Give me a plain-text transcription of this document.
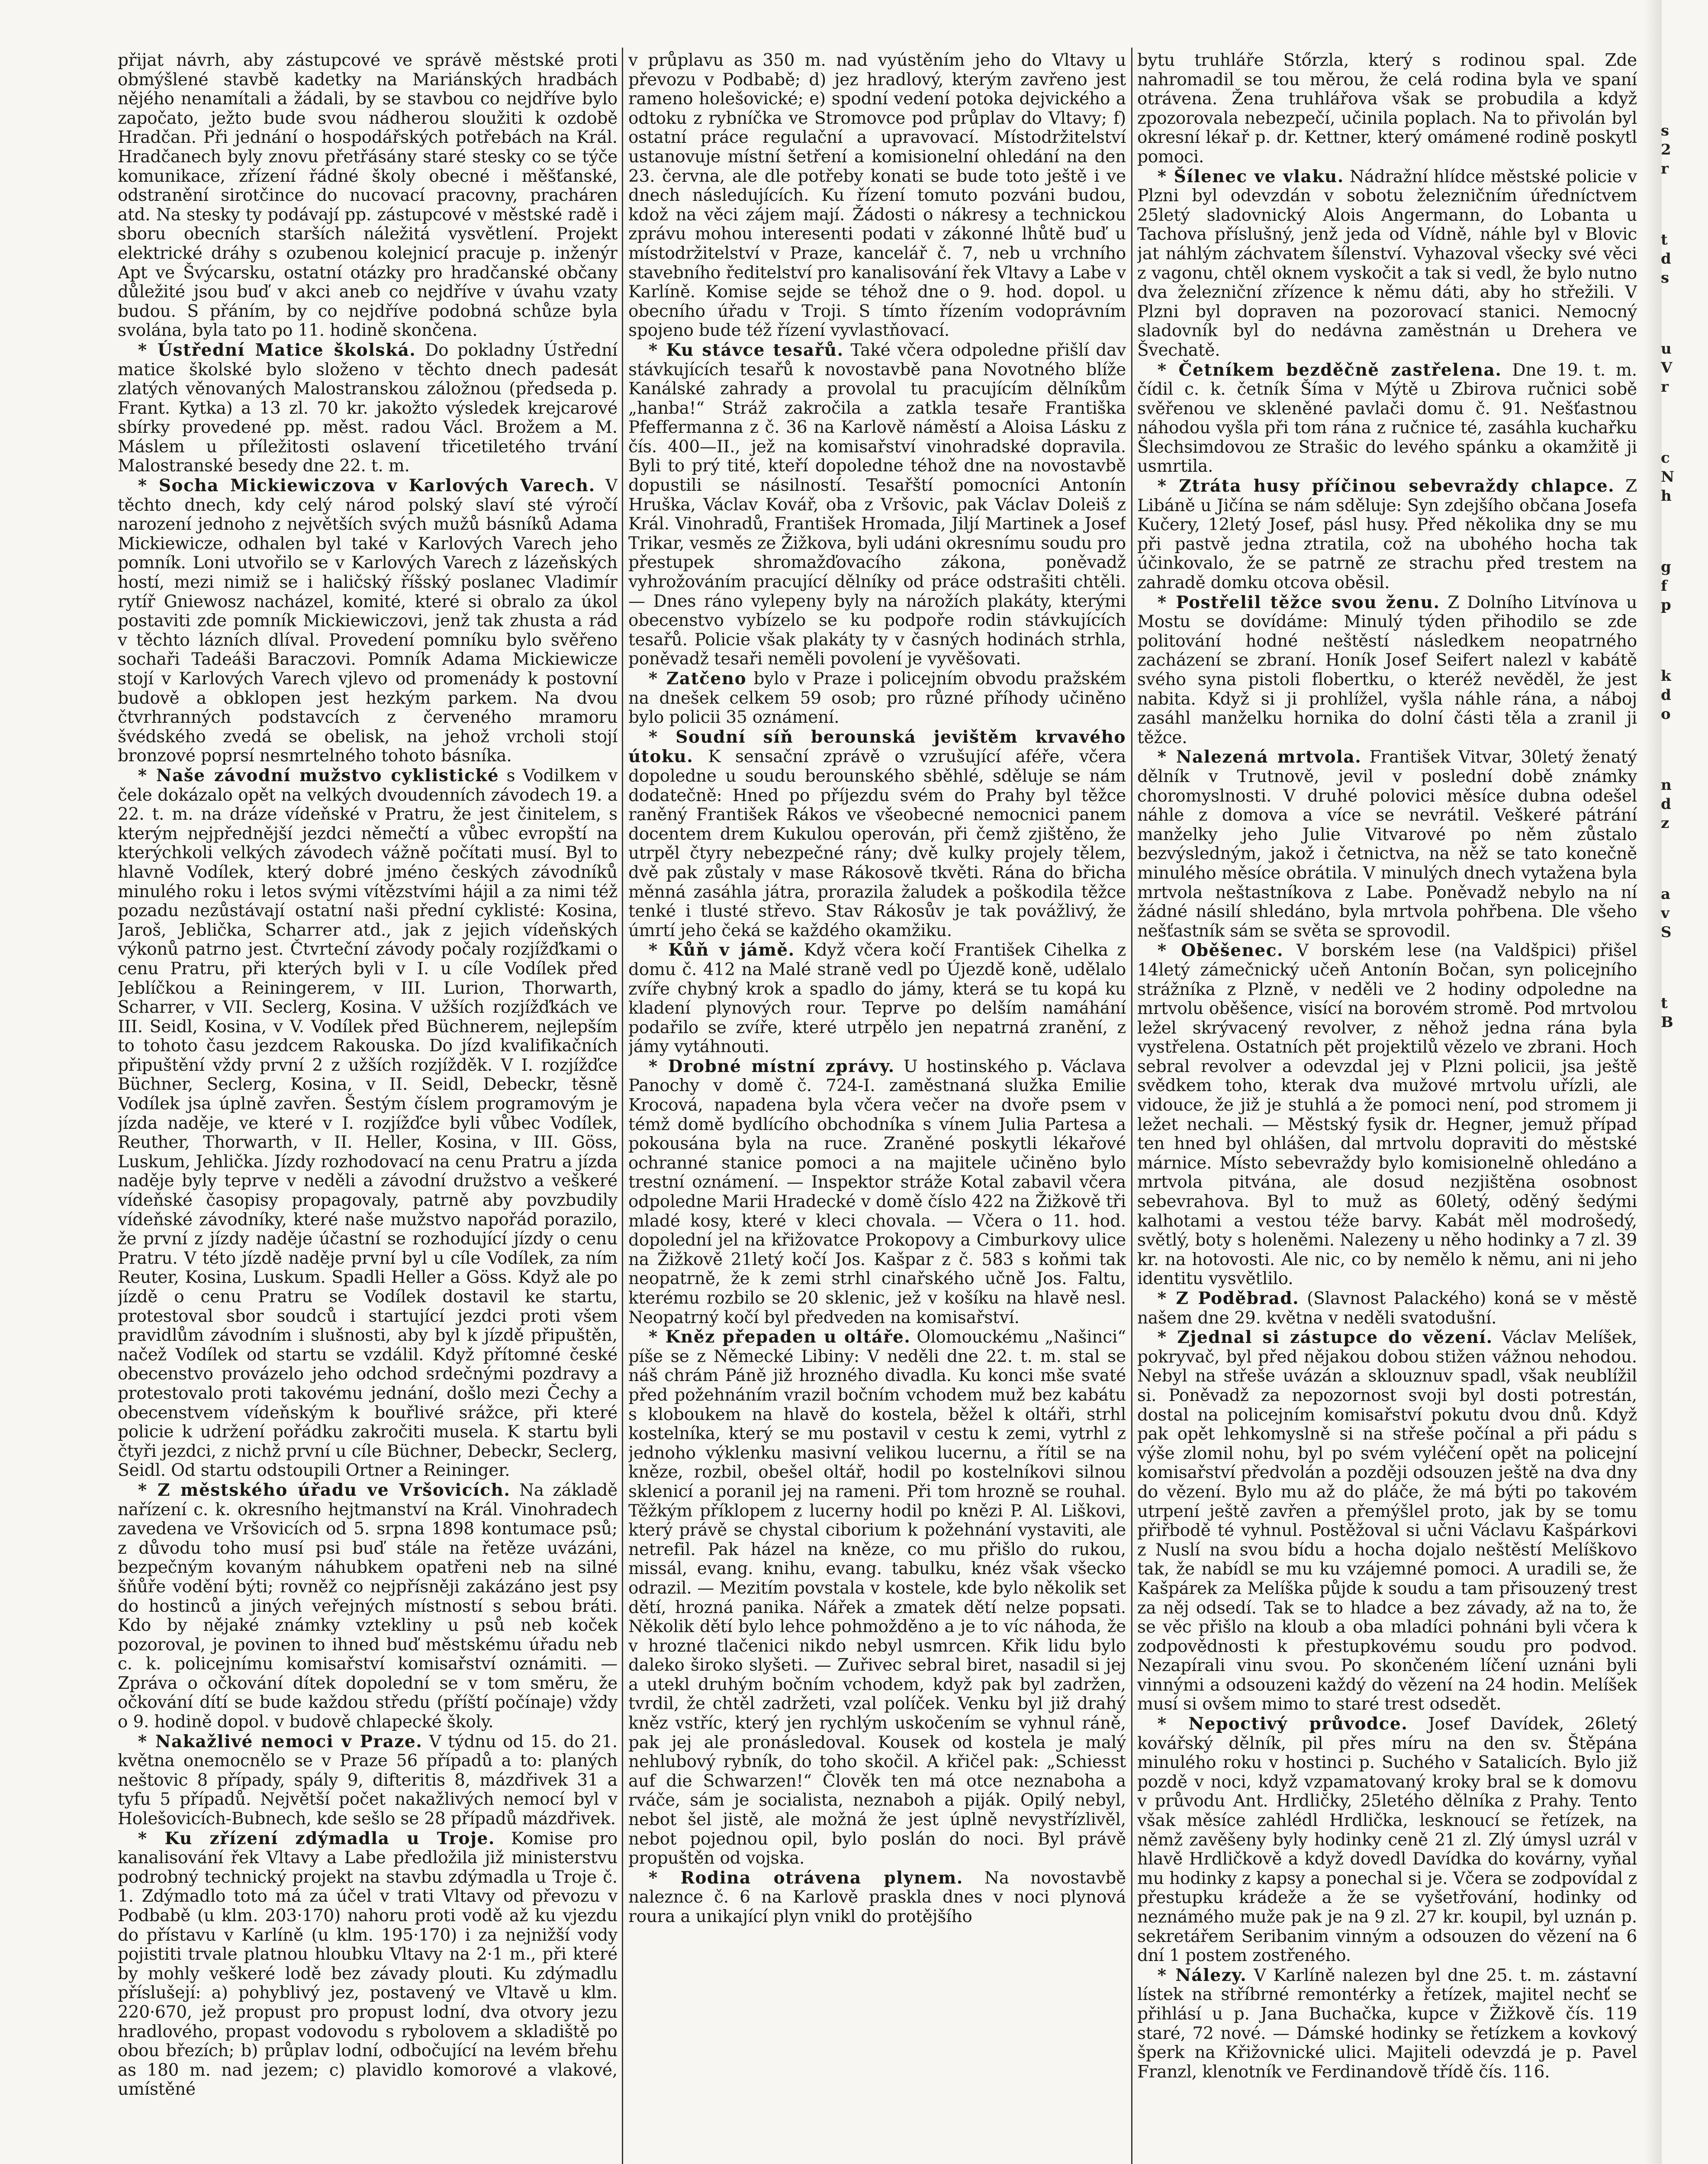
přijat návrh, aby zástupcové ve správě městské proti obmýšlené stavbě kadetky na Mariánských hradbách nějého nenamítali a žádali, by se stavbou co nejdříve bylo započato, ježto bude svou nádherou sloužiti k ozdobě Hradčan. Při jednání o hospodářských potřebách na Král. Hradčanech byly znovu přetřásány staré stesky co se týče komunikace, zřízení řádné školy obecné i měšťanské, odstranění sirotčince do nucovací pracovny, pracháren atd. Na stesky ty podávají pp. zástupcové v městské radě i sboru obecních starších náležitá vysvětlení. Projekt elektrické dráhy s ozubenou kolejnicí pracuje p. inženýr Apt ve Švýcarsku, ostatní otázky pro hradčanské občany důležité jsou buď v akci aneb co nejdříve v úvahu vzaty budou. S přáním, by co nejdříve podobná schůze byla svolána, byla tato po 11. hodině skončena.

* Ústřední Matice školská. Do pokladny Ústřední matice školské bylo složeno v těchto dnech padesát zlatých věnovaných Malostranskou záložnou (předseda p. Frant. Kytka) a 13 zl. 70 kr. jakožto výsledek krejcarové sbírky provedené pp. měst. radou Václ. Brožem a M. Máslem u příležitosti oslavení třicetiletého trvání Malostranské besedy dne 22. t. m.

* Socha Mickiewiczova v Karlových Varech. V těchto dnech, kdy celý národ polský slaví sté výročí narození jednoho z největších svých mužů básníků Adama Mickiewicze, odhalen byl také v Karlových Varech jeho pomník. Loni utvořilo se v Karlových Varech z lázeňských hostí, mezi nimiž se i haličský říšský poslanec Vladimír rytíř Gniewosz nacházel, komité, které si obralo za úkol postaviti zde pomník Mickiewiczovi, jenž tak zhusta a rád v těchto lázních dlíval. Provedení pomníku bylo svěřeno sochaři Tadeáši Baraczovi. Pomník Adama Mickiewicze stojí v Karlových Varech vjlevo od promenády k postovní budově a obklopen jest hezkým parkem. Na dvou čtvrhranných podstavcích z červeného mramoru švédského zvedá se obelisk, na jehož vrcholi stojí bronzové poprsí nesmrtelného tohoto básníka.

* Naše závodní mužstvo cyklistické s Vodilkem v čele dokázalo opět na velkých dvoudenních závodech 19. a 22. t. m. na dráze vídeňské v Pratru, že jest činitelem, s kterým nejpřednější jezdci němečtí a vůbec evropští na kterýchkoli velkých závodech vážně počítati musí. Byl to hlavně Vodílek, který dobré jméno českých závodníků minulého roku i letos svými vítězstvími hájil a za nimi též pozadu nezůstávají ostatní naši přední cyklisté: Kosina, Jaroš, Jeblička, Scharrer atd., jak z jejich vídeňských výkonů patrno jest. Čtvrteční závody počaly rozjížďkami o cenu Pratru, při kterých byli v I. u cíle Vodílek před Jeblíčkou a Reiningerem, v III. Lurion, Thorwarth, Scharrer, v VII. Seclerg, Kosina. V užších rozjížďkách ve III. Seidl, Kosina, v V. Vodílek před Büchnerem, nejlepším to tohoto času jezdcem Rakouska. Do jízd kvalifikačních připuštění vždy první 2 z užších rozjížděk. V I. rozjížďce Büchner, Seclerg, Kosina, v II. Seidl, Debeckr, těsně Vodílek jsa úplně zavřen. Šestým číslem programovým je jízda naděje, ve které v I. rozjížďce byli vůbec Vodílek, Reuther, Thorwarth, v II. Heller, Kosina, v III. Göss, Luskum, Jehlička. Jízdy rozhodovací na cenu Pratru a jízda naděje byly teprve v neděli a závodní družstvo a veškeré vídeňské časopisy propagovaly, patrně aby povzbudily vídeňské závodníky, které naše mužstvo napořád porazilo, že první z jízdy naděje účastní se rozhodující jízdy o cenu Pratru. V této jízdě naděje první byl u cíle Vodílek, za ním Reuter, Kosina, Luskum. Spadli Heller a Göss. Když ale po jízdě o cenu Pratru se Vodílek dostavil ke startu, protestoval sbor soudců i startující jezdci proti všem pravidlům závodním i slušnosti, aby byl k jízdě připuštěn, načež Vodílek od startu se vzdálil. Když přítomné české obecenstvo provázelo jeho odchod srdečnými pozdravy a protestovalo proti takovému jednání, došlo mezi Čechy a obecenstvem vídeňským k bouřlivé srážce, při které policie k udržení pořádku zakročiti musela. K startu byli čtyři jezdci, z nichž první u cíle Büchner, Debeckr, Seclerg, Seidl. Od startu odstoupili Ortner a Reininger.

* Z městského úřadu ve Vršovicích. Na základě nařízení c. k. okresního hejtmanství na Král. Vinohradech zavedena ve Vršovicích od 5. srpna 1898 kontumace psů; z důvodu toho musí psi buď stále na řetěze uvázáni, bezpečným kovaným náhubkem opatřeni neb na silné šňůře vodění býti; rovněž co nejpřísněji zakázáno jest psy do hostinců a jiných veřejných místností s sebou bráti. Kdo by nějaké známky vztekliny u psů neb koček pozoroval, je povinen to ihned buď městskému úřadu neb c. k. policejnímu komisařství komisařství oznámiti. — Zpráva o očkování dítek dopolední se v tom směru, že očkování dítí se bude každou středu (příští počínaje) vždy o 9. hodině dopol. v budově chlapecké školy.

* Nakažlivé nemoci v Praze. V týdnu od 15. do 21. května onemocnělo se v Praze 56 případů a to: planých neštovic 8 případy, spály 9, difteritis 8, mázdřivek 31 a tyfu 5 případů. Největší počet nakažlivých nemocí byl v Holešovicích-Bubnech, kde sešlo se 28 případů mázdřivek.

* Ku zřízení zdýmadla u Troje. Komise pro kanalisování řek Vltavy a Labe předložila již ministerstvu podrobný technický projekt na stavbu zdýmadla u Troje č. 1. Zdýmadlo toto má za účel v trati Vltavy od převozu v Podbabě (u klm. 203·170) nahoru proti vodě až ku vjezdu do přístavu v Karlíně (u klm. 195·170) i za nejnižší vody pojistiti trvale platnou hloubku Vltavy na 2·1 m., při které by mohly veškeré lodě bez závady plouti. Ku zdýmadlu příslušejí: a) pohyblivý jez, postavený ve Vltavě u klm. 220·670, jež propust pro propust lodní, dva otvory jezu hradlového, propast vodovodu s rybolovem a skladiště po obou březích; b) průplav lodní, odbočující na levém břehu as 180 m. nad jezem; c) plavidlo komorové a vlakové, umístěné

v průplavu as 350 m. nad vyústěním jeho do Vltavy u převozu v Podbabě; d) jez hradlový, kterým zavřeno jest rameno holešovické; e) spodní vedení potoka dejvického a odtoku z rybníčka ve Stromovce pod průplav do Vltavy; f) ostatní práce regulační a upravovací. Místodržitelství ustanovuje místní šetření a komisionelní ohledání na den 23. června, ale dle potřeby konati se bude toto ještě i ve dnech následujících. Ku řízení tomuto pozváni budou, kdož na věci zájem mají. Žádosti o nákresy a technickou zprávu mohou interesenti podati v zákonné lhůtě buď u místodržitelství v Praze, kancelář č. 7, neb u vrchního stavebního ředitelství pro kanalisování řek Vltavy a Labe v Karlíně. Komise sejde se téhož dne o 9. hod. dopol. u obecního úřadu v Troji. S tímto řízením vodoprávním spojeno bude též řízení vyvlastňovací.

* Ku stávce tesařů. Také včera odpoledne přišlí dav stávkujících tesařů k novostavbě pana Novotného blíže Kanálské zahrady a provolal tu pracujícím dělníkům „hanba!“ Stráž zakročila a zatkla tesaře Františka Pfeffermanna z č. 36 na Karlově náměstí a Aloisa Lásku z čís. 400—II., jež na komisařství vinohradské dopravila. Byli to prý tité, kteří dopoledne téhož dne na novostavbě dopustili se násilností. Tesařští pomocníci Antonín Hruška, Václav Kovář, oba z Vršovic, pak Václav Doleiš z Král. Vinohradů, František Hromada, Jiljí Martinek a Josef Trikar, vesměs ze Žižkova, byli udáni okresnímu soudu pro přestupek shromažďovacího zákona, poněvadž vyhrožováním pracující dělníky od práce odstrašiti chtěli. — Dnes ráno vylepeny byly na nárožích plakáty, kterými obecenstvo vybízelo se ku podpoře rodin stávkujících tesařů. Policie však plakáty ty v časných hodinách strhla, poněvadž tesaři neměli povolení je vyvěšovati.

* Zatčeno bylo v Praze i policejním obvodu pražském na dnešek celkem 59 osob; pro různé příhody učiněno bylo policii 35 oznámení.

* Soudní síň berounská jevištěm krvavého útoku. K sensační zprávě o vzrušující aféře, včera dopoledne u soudu berounského sběhlé, sděluje se nám dodatečně: Hned po příjezdu svém do Prahy byl těžce raněný František Rákos ve všeobecné nemocnici panem docentem drem Kukulou operován, při čemž zjištěno, že utrpěl čtyry nebezpečné rány; dvě kulky projely tělem, dvě pak zůstaly v mase Rákosově tkvěti. Rána do břicha měnná zasáhla játra, prorazila žaludek a poškodila těžce tenké i tlusté střevo. Stav Rákosův je tak povážlivý, že úmrtí jeho čeká se každého okamžiku.

* Kůň v jámě. Když včera kočí František Cihelka z domu č. 412 na Malé straně vedl po Újezdě koně, udělalo zvíře chybný krok a spadlo do jámy, která se tu kopá ku kladení plynových rour. Teprve po delším namáhání podařilo se zvíře, které utrpělo jen nepatrná zranění, z jámy vytáhnouti.

* Drobné místní zprávy. U hostinského p. Václava Panochy v domě č. 724-I. zaměstnaná služka Emilie Krocová, napadena byla včera večer na dvoře psem v témž domě bydlícího obchodníka s vínem Julia Partesa a pokousána byla na ruce. Zraněné poskytli lékařové ochranné stanice pomoci a na majitele učiněno bylo trestní oznámení. — Inspektor stráže Kotal zabavil včera odpoledne Marii Hradecké v domě číslo 422 na Žižkově tři mladé kosy, které v kleci chovala. — Včera o 11. hod. dopolední jel na křižovatce Prokopovy a Cimburkovy ulice na Žižkově 21letý kočí Jos. Kašpar z č. 583 s koňmi tak neopatrně, že k zemi strhl cinařského učně Jos. Faltu, kterému rozbilo se 20 sklenic, jež v košíku na hlavě nesl. Neopatrný kočí byl předveden na komisařství.

* Kněz přepaden u oltáře. Olomouckému „Našinci“ píše se z Německé Libiny: V neděli dne 22. t. m. stal se náš chrám Páně již hrozného divadla. Ku konci mše svaté před požehnáním vrazil bočním vchodem muž bez kabátu s kloboukem na hlavě do kostela, běžel k oltáři, strhl kostelníka, který se mu postavil v cestu k zemi, vytrhl z jednoho výklenku masivní velikou lucernu, a řítil se na kněze, rozbil, obešel oltář, hodil po kostelníkovi silnou sklenicí a poranil jej na rameni. Při tom hrozně se rouhal. Těžkým příklopem z lucerny hodil po knězi P. Al. Liškovi, který právě se chystal ciborium k požehnání vystaviti, ale netrefil. Pak házel na kněze, co mu přišlo do rukou, missál, evang. knihu, evang. tabulku, knéz však všecko odrazil. — Mezitím povstala v kostele, kde bylo několik set dětí, hrozná panika. Nářek a zmatek dětí nelze popsati. Několik dětí bylo lehce pohmožděno a je to víc náhoda, že v hrozné tlačenici nikdo nebyl usmrcen. Křik lidu bylo daleko široko slyšeti. — Zuřivec sebral biret, nasadil si jej a utekl druhým bočním vchodem, když pak byl zadržen, tvrdil, že chtěl zadržeti, vzal políček. Venku byl již drahý kněz vstříc, který jen rychlým uskočením se vyhnul ráně, pak jej ale pronásledoval. Kousek od kostela je malý nehlubový rybník, do toho skočil. A křičel pak: „Schiesst auf die Schwarzen!“ Člověk ten má otce neznaboha a rváče, sám je socialista, neznaboh a piják. Opilý nebyl, nebot šel jistě, ale možná že jest úplně nevystřízlivěl, nebot pojednou opil, bylo poslán do noci. Byl právě propuštěn od vojska.

* Rodina otrávena plynem. Na novostavbě naleznce č. 6 na Karlově praskla dnes v noci plynová roura a unikající plyn vnikl do protějšího

bytu truhláře Stőrzla, který s rodinou spal. Zde nahromadil se tou měrou, že celá rodina byla ve spaní otrávena. Žena truhlářova však se probudila a když zpozorovala nebezpečí, učinila poplach. Na to přivolán byl okresní lékař p. dr. Kettner, který omámené rodině poskytl pomoci.

* Šílenec ve vlaku. Nádražní hlídce městské policie v Plzni byl odevzdán v sobotu železničním úředníctvem 25letý sladovnický Alois Angermann, do Lobanta u Tachova příslušný, jenž jeda od Vídně, náhle byl v Blovic jat náhlým záchvatem šílenství. Vyhazoval všecky své věci z vagonu, chtěl oknem vyskočit a tak si vedl, že bylo nutno dva železniční zřízence k němu dáti, aby ho střežili. V Plzni byl dopraven na pozorovací stanici. Nemocný sladovník byl do nedávna zaměstnán u Drehera ve Švechatě.

* Četníkem bezděčně zastřelena. Dne 19. t. m. čídil c. k. četník Šíma v Mýtě u Zbirova ručnici sobě svěřenou ve skleněné pavlači domu č. 91. Nešťastnou náhodou vyšla při tom rána z ručnice té, zasáhla kuchařku Šlechsimdovou ze Strašic do levého spánku a okamžitě ji usmrtila.

* Ztráta husy příčinou sebevraždy chlapce. Z Libáně u Jičína se nám sděluje: Syn zdejšího občana Josefa Kučery, 12letý Josef, pásl husy. Před několika dny se mu při pastvě jedna ztratila, což na ubohého hocha tak účinkovalo, že se patrně ze strachu před trestem na zahradě domku otcova oběsil.

* Postřelil těžce svou ženu. Z Dolního Litvínova u Mostu se dovídáme: Minulý týden přihodilo se zde politování hodné neštěstí následkem neopatrného zacházení se zbraní. Honík Josef Seifert nalezl v kabátě svého syna pistoli flobertku, o kteréž nevěděl, že jest nabita. Když si ji prohlížel, vyšla náhle rána, a náboj zasáhl manželku hornika do dolní části těla a zranil ji těžce.

* Nalezená mrtvola. František Vitvar, 30letý ženatý dělník v Trutnově, jevil v poslední době známky choromyslnosti. V druhé polovici měsíce dubna odešel náhle z domova a více se nevrátil. Veškeré pátrání manželky jeho Julie Vitvarové po něm zůstalo bezvýsledným, jakož i četnictva, na něž se tato konečně minulého měsíce obrátila. V minulých dnech vytažena byla mrtvola neštastníkova z Labe. Poněvadž nebylo na ní žádné násilí shledáno, byla mrtvola pohřbena. Dle všeho nešťastník sám se světa se sprovodil.

* Oběšenec. V borském lese (na Valdšpici) přišel 14letý zámečnický učeň Antonín Bočan, syn policejního strážníka z Plzně, v neděli ve 2 hodiny odpoledne na mrtvolu oběšence, visící na borovém stromě. Pod mrtvolou ležel skrývacený revolver, z něhož jedna rána byla vystřelena. Ostatních pět projektilů vězelo ve zbrani. Hoch sebral revolver a odevzdal jej v Plzni policii, jsa ještě svědkem toho, kterak dva mužové mrtvolu uřízli, ale vidouce, že již je stuhlá a že pomoci není, pod stromem ji ležet nechali. — Městský fysik dr. Hegner, jemuž případ ten hned byl ohlášen, dal mrtvolu dopraviti do městské márnice. Místo sebevraždy bylo komisionelně ohledáno a mrtvola pitvána, ale dosud nezjištěna osobnost sebevrahova. Byl to muž as 60letý, oděný šedými kalhotami a vestou téže barvy. Kabát měl modrošedý, světlý, boty s holeněmi. Nalezeny u něho hodinky a 7 zl. 39 kr. na hotovosti. Ale nic, co by nemělo k němu, ani ni jeho identitu vysvětlilo.

* Z Poděbrad. (Slavnost Palackého) koná se v městě našem dne 29. května v neděli svatodušní.

* Zjednal si zástupce do vězení. Václav Melíšek, pokryvač, byl před nějakou dobou stižen vážnou nehodou. Nebyl na střeše uvázán a sklouznuv spadl, však neublížil si. Poněvadž za nepozornost svoji byl dosti potrestán, dostal na policejním komisařství pokutu dvou dnů. Když pak opět lehkomyslně si na střeše počínal a při pádu s výše zlomil nohu, byl po svém vyléčení opět na policejní komisařství předvolán a později odsouzen ještě na dva dny do vězení. Bylo mu až do pláče, že má býti po takovém utrpení ještě zavřen a přemýšlel proto, jak by se tomu přiřbodě té vyhnul. Postěžoval si učni Václavu Kašpárkovi z Nuslí na svou bídu a hocha dojalo neštěstí Melíškovo tak, že nabídl se mu ku vzájemné pomoci. A uradili se, že Kašpárek za Melíška půjde k soudu a tam přisouzený trest za něj odsedí. Tak se to hladce a bez závady, až na to, že se věc přišlo na kloub a oba mladíci pohnáni byli včera k zodpovědnosti k přestupkovému soudu pro podvod. Nezapírali vinu svou. Po skončeném líčení uznáni byli vinnými a odsouzeni každý do vězení na 24 hodin. Melíšek musí si ovšem mimo to staré trest odsedět.

* Nepoctivý průvodce. Josef Davídek, 26letý kovářský dělník, pil přes míru na den sv. Štěpána minulého roku v hostinci p. Suchého v Satalicích. Bylo již pozdě v noci, když vzpamatovaný kroky bral se k domovu v průvodu Ant. Hrdličky, 25letého dělníka z Prahy. Tento však měsíce zahlédl Hrdlička, lesknoucí se řetízek, na němž zavěšeny byly hodinky ceně 21 zl. Zlý úmysl uzrál v hlavě Hrdličkově a když dovedl Davídka do kovárny, vyňal mu hodinky z kapsy a ponechal si je. Včera se zodpovídal z přestupku krádeže a že se vyšetřování, hodinky od neznámého muže pak je na 9 zl. 27 kr. koupil, byl uznán p. sekretářem Seribanim vinným a odsouzen do vězení na 6 dní 1 postem zostřeného.

* Nálezy. V Karlíně nalezen byl dne 25. t. m. zástavní lístek na stříbrné remontérky a řetízek, majitel nechť se přihlásí u p. Jana Buchačka, kupce v Žižkově čís. 119 staré, 72 nové. — Dámské hodinky se řetízkem a kovkový šperk na Křižovnické ulici. Majiteli odevzdá je p. Pavel Franzl, klenotník ve Ferdinandově třídě čís. 116.

s
2
r
t
d
s
u
V
r
c
N
h
g
f
p
k
d
o
n
d
z
a
v
S
t
B
